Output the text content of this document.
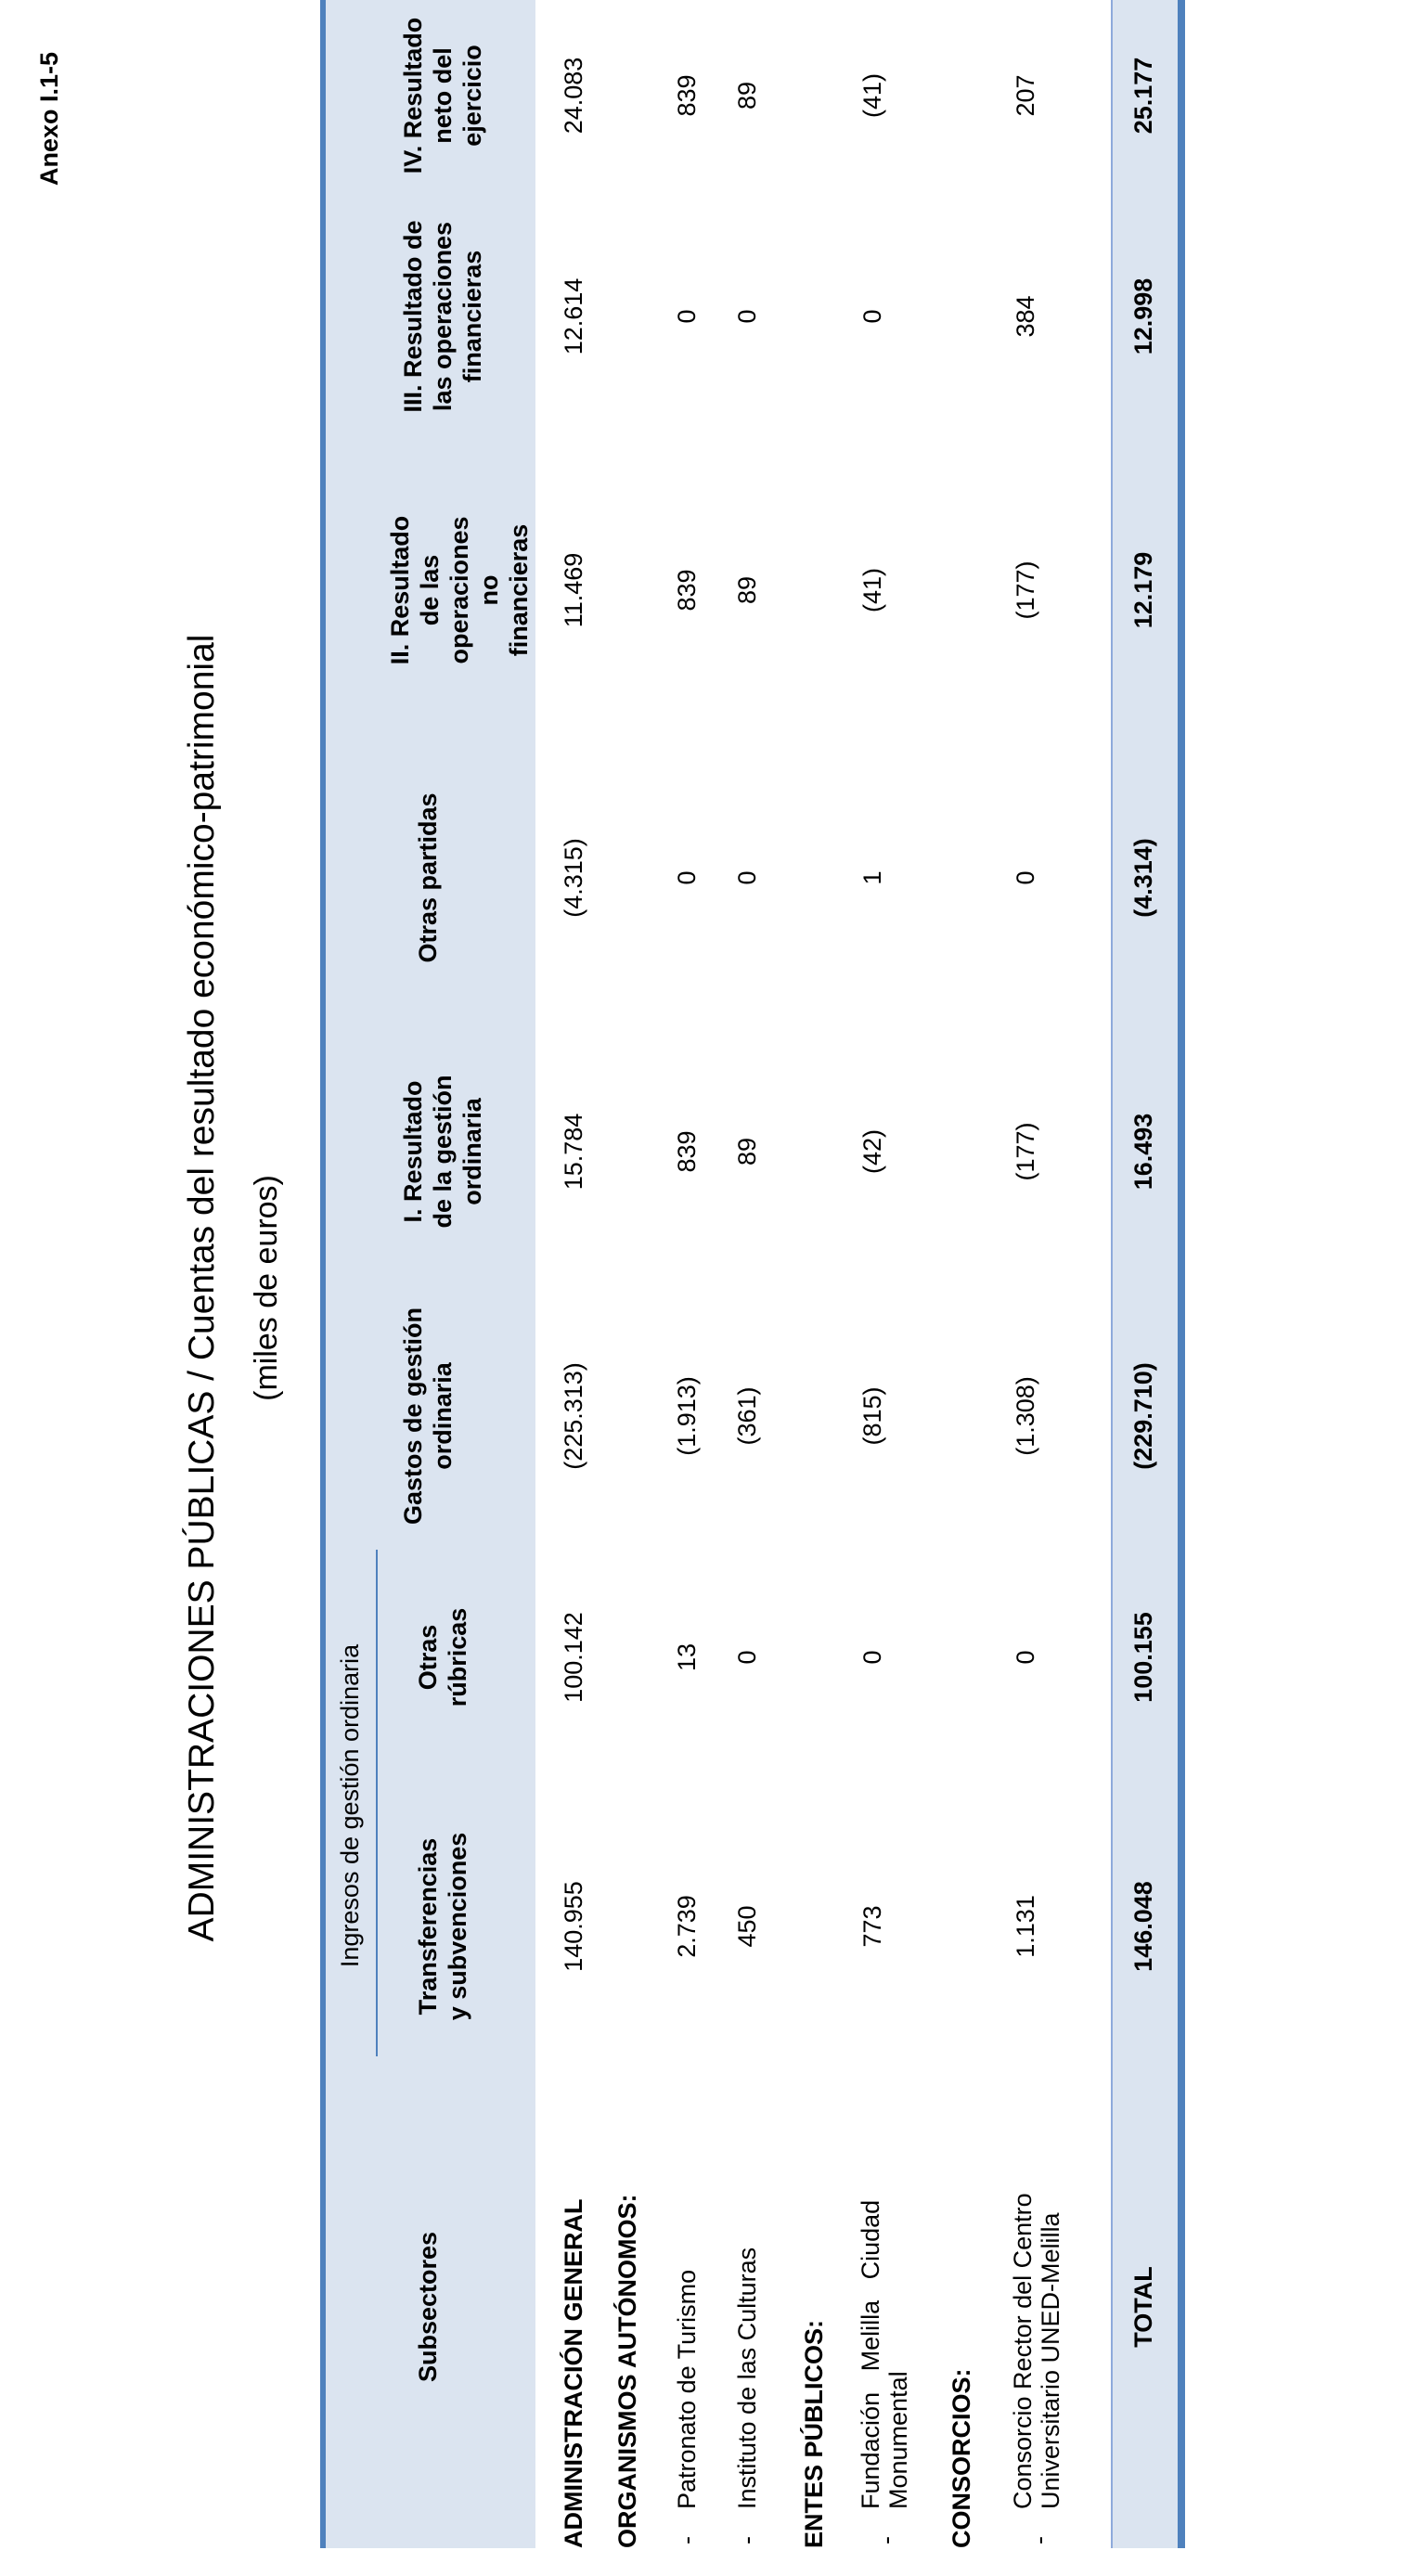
Anexo I.1-5
ADMINISTRACIONES PÚBLICAS / Cuentas del resultado económico-patrimonial (miles de euros)
Subsectores
Ingresos de gestión ordinaria Transferencias y subvenciones
Otras rúbricas
Gastos de gestión ordinaria
I. Resultado de la gestión ordinaria
Otras partidas
II. Resultado de las operaciones no financieras
III. Resultado de las operaciones financieras
IV. Resultado neto del ejercicio
ADMINISTRACIÓN GENERAL ORGANISMOS AUTÓNOMOS: -
Patronato de Turismo
-
Instituto de las Culturas ENTES PÚBLICOS: -
Fundación   Melilla   Ciudad Monumental CONSORCIOS: -
Consorcio Rector del Centro Universitario UNED-Melilla	TOTAL
140.955
100.142
(225.313)
15.784
(4.315)
11.469
12.614
24.083
2.739
13
(1.913)
839
0
839
0
839
450
0
(361)
89
0
89
0
89
773
0
(815)
(42)
1
(41)
0
(41)
1.131
0
(1.308)
(177)
0
(177)
384
207
146.048
100.155
(229.710)
16.493
(4.314)
12.179
12.998
25.177
